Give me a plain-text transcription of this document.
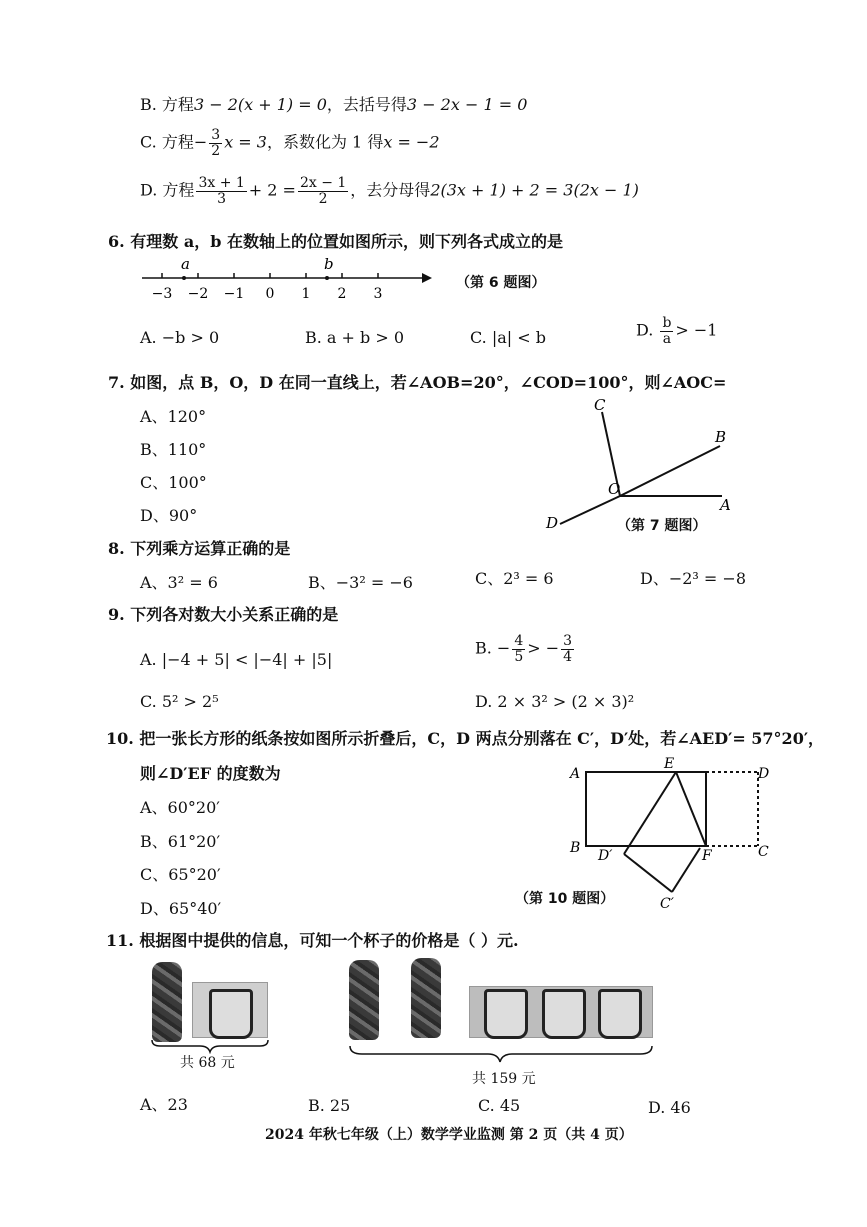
B. 方程3 − 2(x + 1) = 0，去括号得3 − 2x − 1 = 0
C. 方程− $\frac{3}{2}$ x = 3，系数化为 1 得x = −2
D. 方程 $\frac{3x + 1}{3} + 2 = \frac{2x - 1}{2}$ ，去分母得2(3x + 1) + 2 = 3(2x − 1)
6. 有理数 a，b 在数轴上的位置如图所示，则下列各式成立的是
−3 −2 −1 0 1 2 3
a	b
（第 6 题图）
A. −b > 0	B. a + b > 0	C. |a| < b	D. $\frac{b}{a} > -1$
7. 如图，点 B，O，D 在同一直线上，若∠AOB=20°，∠COD=100°，则∠AOC=
A、120°
B、110°
C、100°
D、90°
C
B
O
A
D	（第 7 题图）
8. 下列乘方运算正确的是
A、3² = 6	B、−3² = −6	C、2³ = 6	D、−2³ = −8
9. 下列各对数大小关系正确的是
A. |−4 + 5| < |−4| + |5|
B. − $\frac{4}{5}$ > − $\frac{3}{4}$
C. 5² > 2⁵	D. 2 × 3² > (2 × 3)²
10. 把一张长方形的纸条按如图所示折叠后，C，D 两点分别落在 C′，D′处，若∠AED′= 57°20′，
则∠D′EF 的度数为
A、60°20′
B、61°20′
C、65°20′
D、65°40′
A
E
D
B D′	F	C
C′
（第 10 题图）
11. 根据图中提供的信息，可知一个杯子的价格是（ ）元.
共 68 元
共 159 元
A、23	B. 25	C. 45	D. 46
2024 年秋七年级（上）数学学业监测 第 2 页（共 4 页）
